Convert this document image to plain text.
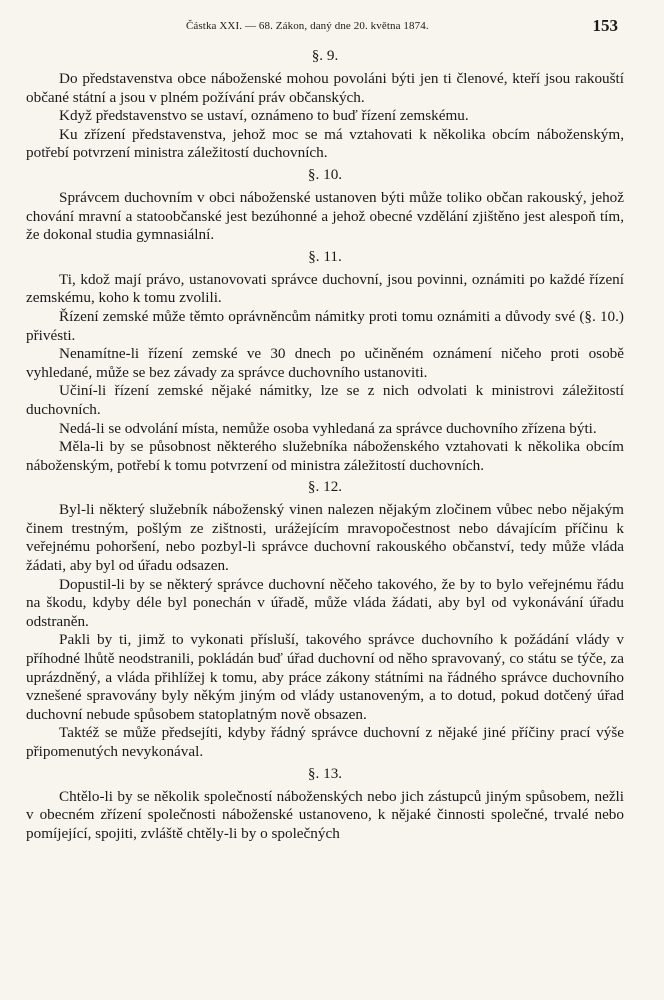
Částka XXI. — 68. Zákon, daný dne 20. května 1874.	153
§. 9.

Do představenstva obce náboženské mohou povoláni býti jen ti členové, kteří jsou rakouští občané státní a jsou v plném požívání práv občanských.

Když představenstvo se ustaví, oznámeno to buď řízení zemskému.

Ku zřízení představenstva, jehož moc se má vztahovati k několika obcím náboženským, potřebí potvrzení ministra záležitostí duchovních.

§. 10.

Správcem duchovním v obci náboženské ustanoven býti může toliko občan rakouský, jehož chování mravní a statoobčanské jest bezúhonné a jehož obecné vzdělání zjištěno jest alespoň tím, že dokonal studia gymnasiální.

§. 11.

Ti, kdož mají právo, ustanovovati správce duchovní, jsou povinni, oznámiti po každé řízení zemskému, koho k tomu zvolili.

Řízení zemské může těmto oprávněncům námitky proti tomu oznámiti a důvody své (§. 10.) přivésti.

Nenamítne-li řízení zemské ve 30 dnech po učiněném oznámení ničeho proti osobě vyhledané, může se bez závady za správce duchovního ustanoviti.

Učiní-li řízení zemské nějaké námitky, lze se z nich odvolati k ministrovi záležitostí duchovních.

Nedá-li se odvolání místa, nemůže osoba vyhledaná za správce duchovního zřízena býti.

Měla-li by se působnost některého služebníka náboženského vztahovati k několika obcím náboženským, potřebí k tomu potvrzení od ministra záležitostí duchovních.

§. 12.

Byl-li některý služebník náboženský vinen nalezen nějakým zločinem vůbec nebo nějakým činem trestným, pošlým ze zištnosti, urážejícím mravopočestnost nebo dávajícím příčinu k veřejnému pohoršení, nebo pozbyl-li správce duchovní rakouského občanství, tedy může vláda žádati, aby byl od úřadu odsazen.

Dopustil-li by se některý správce duchovní něčeho takového, že by to bylo veřejnému řádu na škodu, kdyby déle byl ponechán v úřadě, může vláda žádati, aby byl od vykonávání úřadu odstraněn.

Pakli by ti, jimž to vykonati přísluší, takového správce duchovního k požádání vlády v příhodné lhůtě neodstranili, pokládán buď úřad duchovní od něho spravovaný, co státu se týče, za uprázdněný, a vláda přihlížej k tomu, aby práce zákony státními na řádného správce duchovního vznešené spravovány byly někým jiným od vlády ustanoveným, a to dotud, pokud dotčený úřad duchovní nebude spůsobem statoplatným nově obsazen.

Taktéž se může předsejíti, kdyby řádný správce duchovní z nějaké jiné příčiny prací výše připomenutých nevykonával.

§. 13.

Chtělo-li by se několik společností náboženských nebo jich zástupců jiným spůsobem, nežli v obecném zřízení společnosti náboženské ustanoveno, k nějaké činnosti společné, trvalé nebo pomíjející, spojiti, zvláště chtěly-li by o společných
